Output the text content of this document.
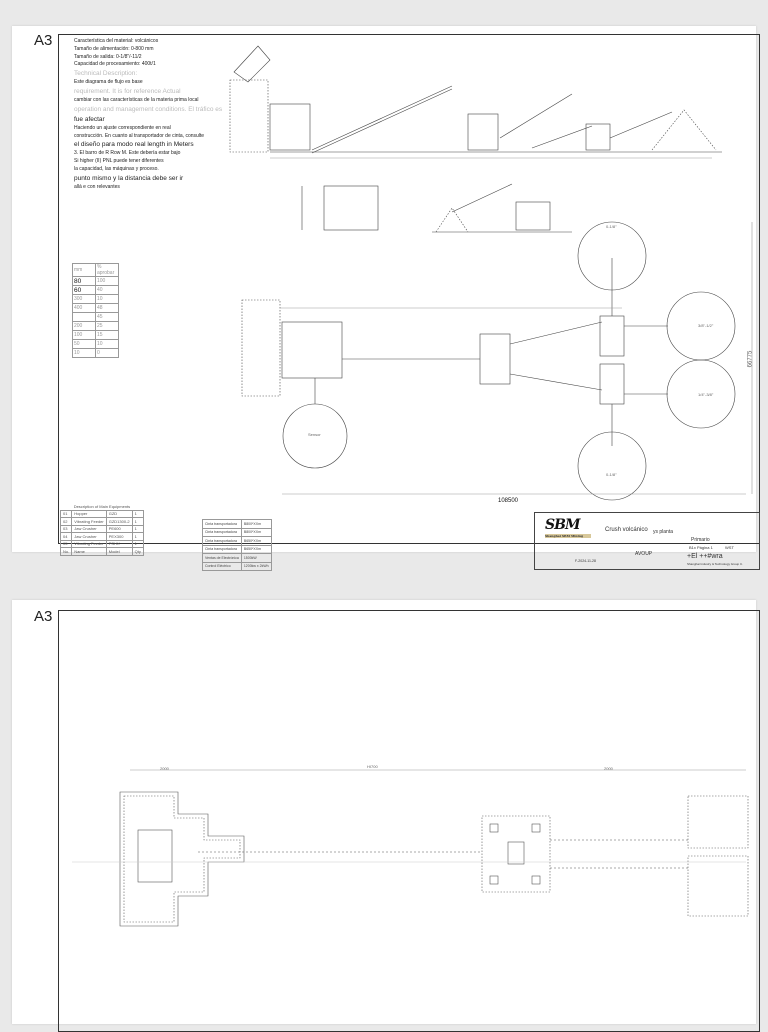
A3	Característica del material: volcánicos
Tamaño de alimentación: 0-800 mm
Tamaño de salida: 0-1/8"/-11/2
Capacidad de procesamiento: 400t/1
Technical Description:
Este diagrama de flujo es base
requirement. It is for reference Actual
cambiar con las características de la materia prima local
operation and management conditions. El tráfico es
fue afectar
Haciendo un ajuste correspondiente en real
construcción. En cuanto al transportador de cinta, consulte
el diseño para modo real length in Meters
3. El barro de R Row M. Este debería estar bajo
Si higher (II) PNL puede tener diferentes
la capacidad, las máquinas y proceso.
punto mismo y la distancia debe ser ir
allá e con relevantes
mm	% aprobar
80	100
60	40
300	10
400	48
	45
200	25
100	15
50	10
10	0
0-1/8"
3/8"-1/2"
1/4"-3/8"
0-1/8"
Sensor
108500
66775
Description of Main Equipments			
01	Hopper	GZD	1
02	Vibrating Feeder	GZD1300-2	1
03	Jaw Crusher	PE600	1
04	Jaw Crusher	PEX300	1
05	Vibrating Feeder	PSHX	1
No.	Name	Model	Qty
Cinta transportadora	B800*XXm
Cinta transportadora	B800*XXm
Cinta transportadora	B650*XXm
Cinta transportadora	B650*XXm
Ventas de Electrónica	1500kW
Control Eléctrico	1200kw x 2kWh
SBM
Shanghai SBM Mining
Crush volcánico ys planta
AVOUP
Primario
B1x Página 1	WST
+El ++#wra
Shanghai Industry & Technology Group C.
F-2024-11-28
A3
HI700
2000	2000
